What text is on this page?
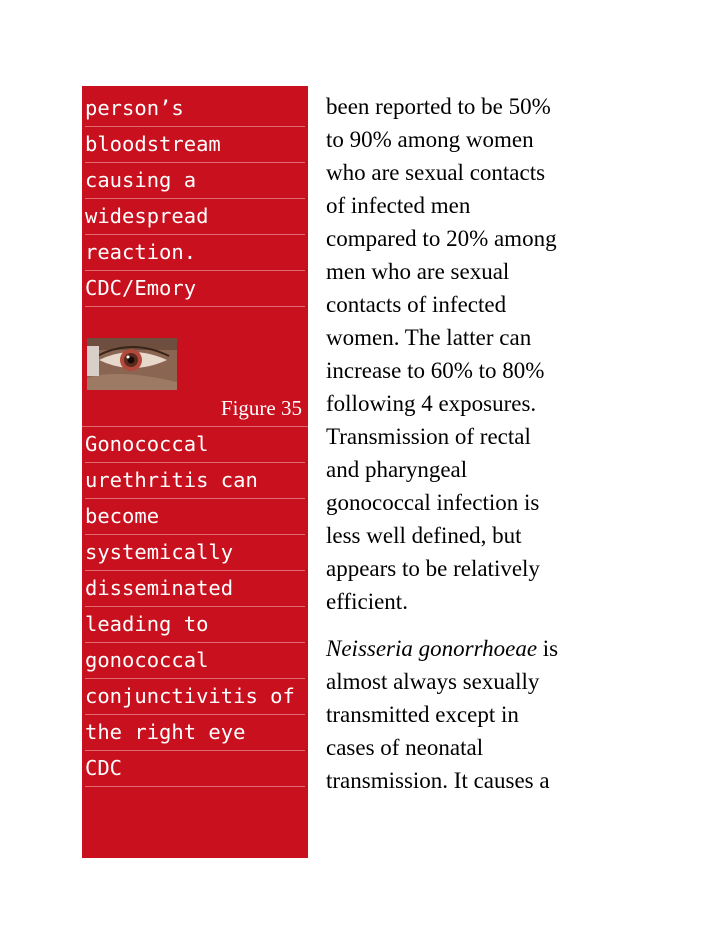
person’s
bloodstream
causing a
widespread
reaction.
CDC/Emory
Figure 35
Gonococcal
urethritis can
become
systemically
disseminated
leading to
gonococcal
conjunctivitis of
the right eye
CDC
been reported to be 50%
to 90% among women
who are sexual contacts
of infected men
compared to 20% among
men who are sexual
contacts of infected
women. The latter can
increase to 60% to 80%
following 4 exposures.
Transmission of rectal
and pharyngeal
gonococcal infection is
less well defined, but
appears to be relatively
efficient.
Neisseria gonorrhoeae is
almost always sexually
transmitted except in
cases of neonatal
transmission. It causes a
